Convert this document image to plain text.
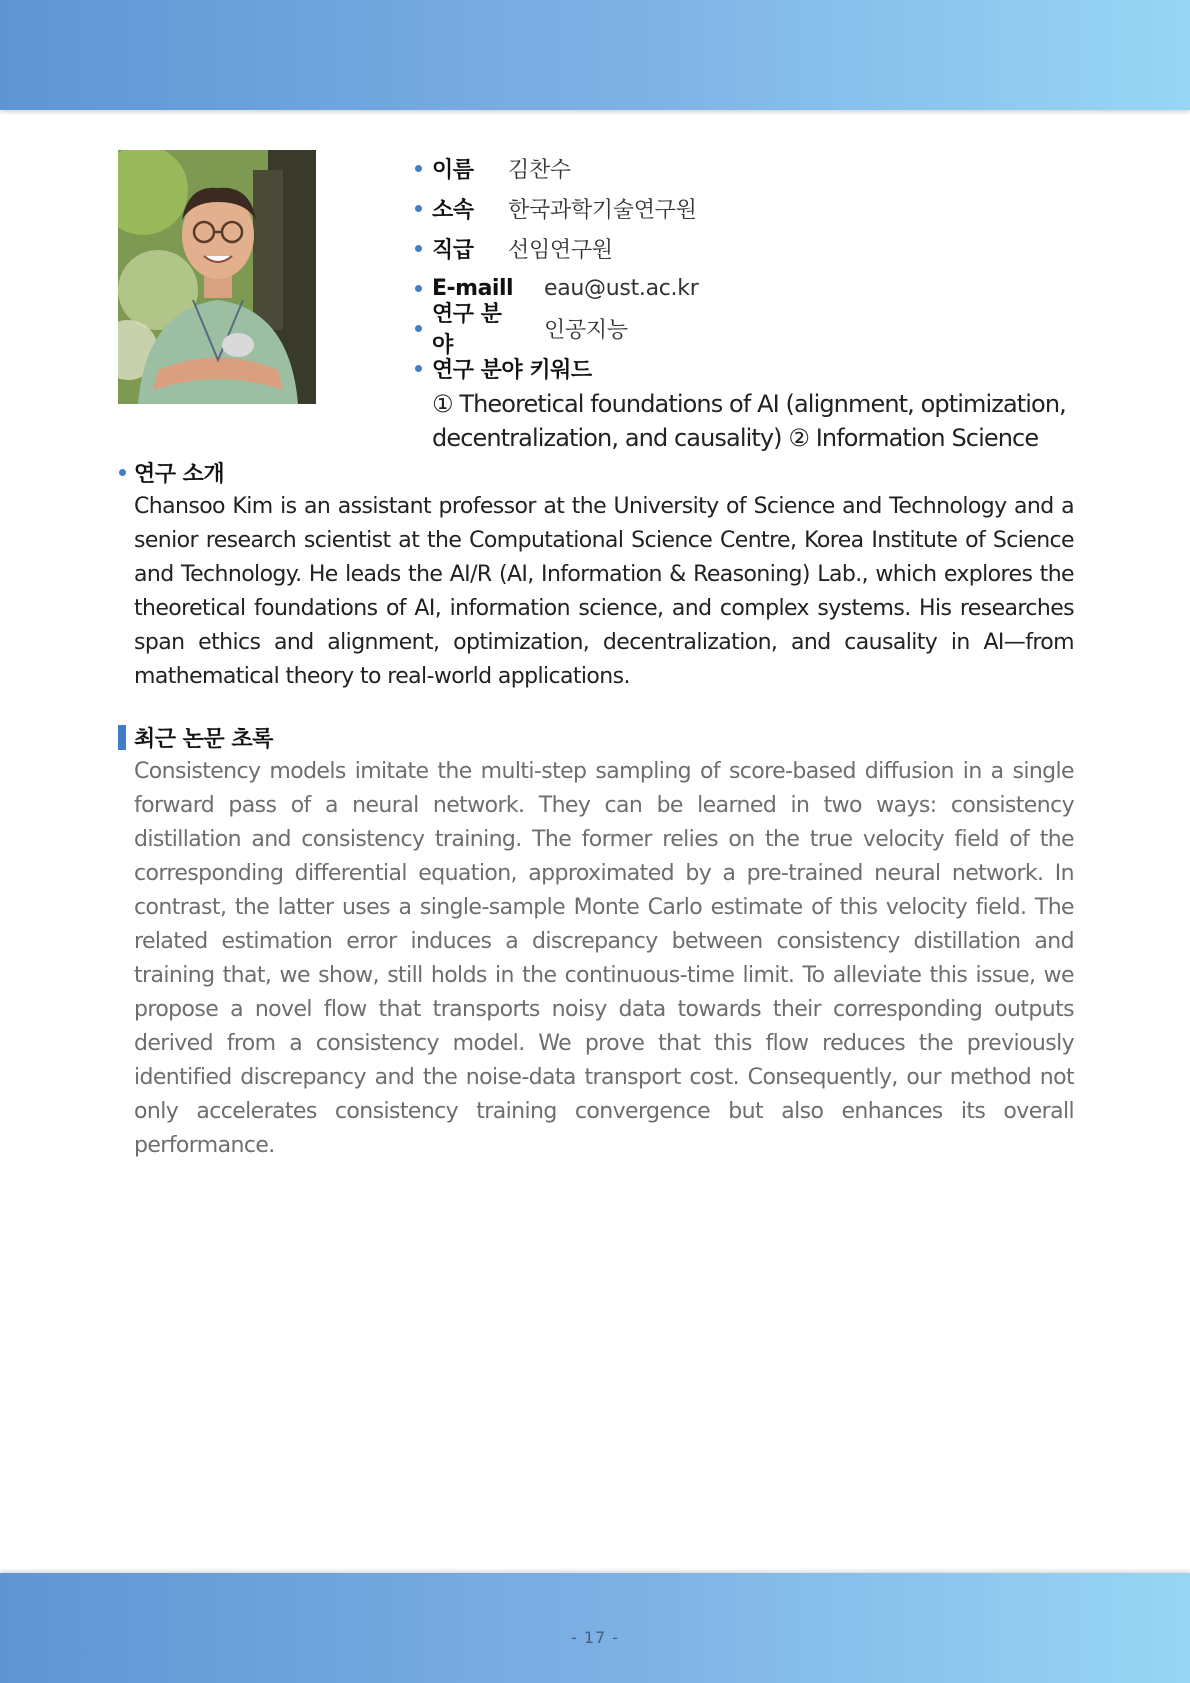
이름 김찬수
소속 한국과학기술연구원
직급 선임연구원
E-maill	eau@ust.ac.kr
연구 분야
인공지능
연구 분야 키워드
① Theoretical foundations of AI (alignment, optimization, decentralization, and causality) ② Information Science
연구 소개
Chansoo Kim is an assistant professor at the University of Science and Technology and a senior research scientist at the Computational Science Centre, Korea Institute of Science and Technology. He leads the AI/R (AI, Information & Reasoning) Lab., which explores the theoretical foundations of AI, information science, and complex systems. His researches span ethics and alignment, optimization, decentralization, and causality in AI—from mathematical theory to real-world applications.
최근 논문 초록
Consistency models imitate the multi-step sampling of score-based diffusion in a single forward pass of a neural network. They can be learned in two ways: consistency distillation and consistency training. The former relies on the true velocity field of the corresponding differential equation, approximated by a pre-trained neural network. In contrast, the latter uses a single-sample Monte Carlo estimate of this velocity field. The related estimation error induces a discrepancy between consistency distillation and training that, we show, still holds in the continuous-time limit. To alleviate this issue, we propose a novel flow that transports noisy data towards their corresponding outputs derived from a consistency model. We prove that this flow reduces the previously identified discrepancy and the noise-data transport cost. Consequently, our method not only accelerates consistency training convergence but also enhances its overall performance.
- 17 -
